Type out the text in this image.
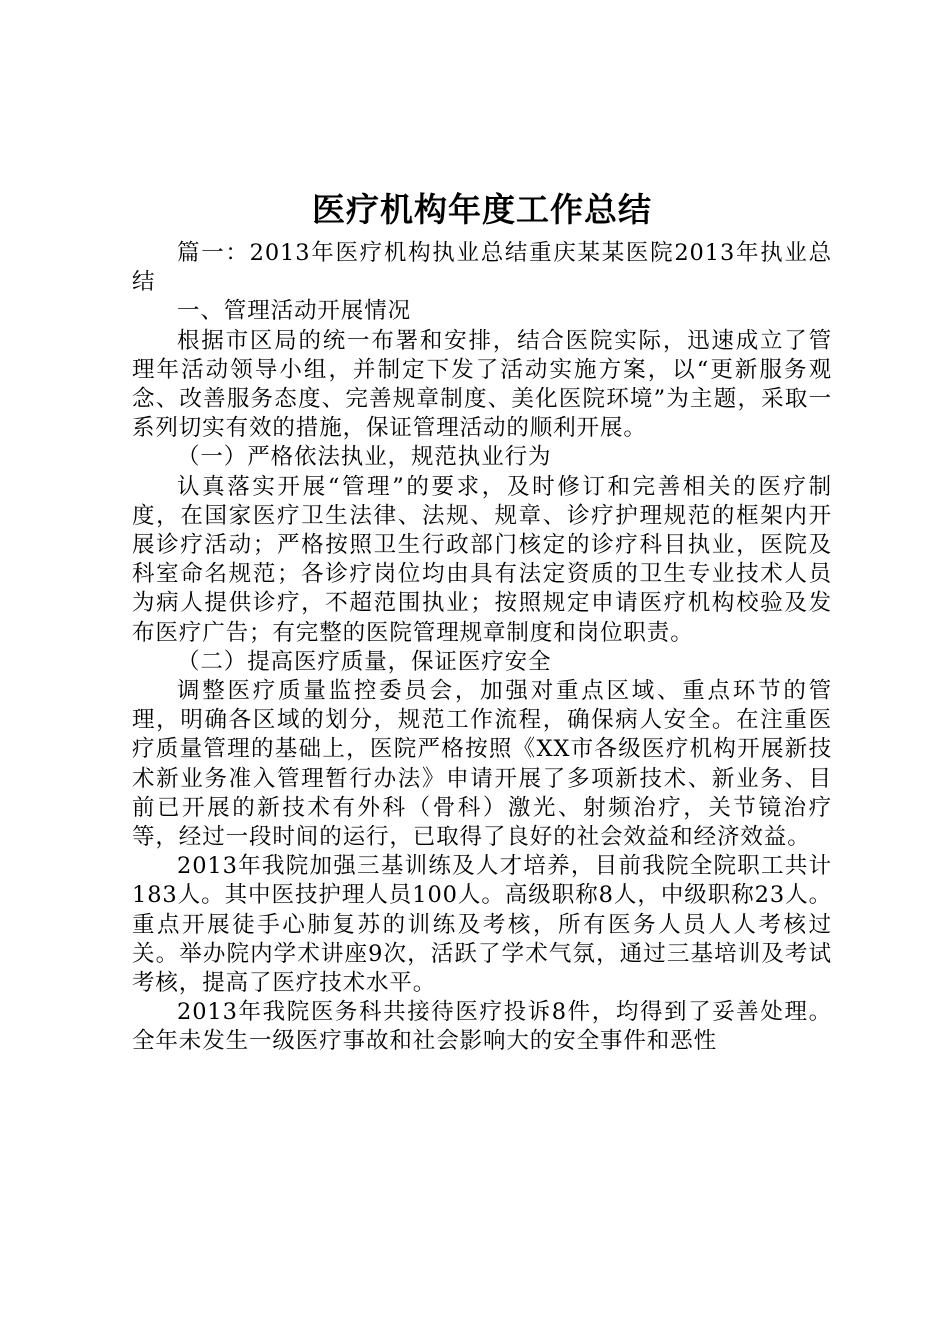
医疗机构年度工作总结

篇一：2013年医疗机构执业总结重庆某某医院2013年执业总结

一、管理活动开展情况

根据市区局的统一布署和安排，结合医院实际，迅速成立了管理年活动领导小组，并制定下发了活动实施方案，以“更新服务观念、改善服务态度、完善规章制度、美化医院环境”为主题，采取一系列切实有效的措施，保证管理活动的顺利开展。

（一）严格依法执业，规范执业行为

认真落实开展“管理”的要求，及时修订和完善相关的医疗制度，在国家医疗卫生法律、法规、规章、诊疗护理规范的框架内开展诊疗活动；严格按照卫生行政部门核定的诊疗科目执业，医院及科室命名规范；各诊疗岗位均由具有法定资质的卫生专业技术人员为病人提供诊疗，不超范围执业；按照规定申请医疗机构校验及发布医疗广告；有完整的医院管理规章制度和岗位职责。

（二）提高医疗质量，保证医疗安全

调整医疗质量监控委员会，加强对重点区域、重点环节的管理，明确各区域的划分，规范工作流程，确保病人安全。在注重医疗质量管理的基础上，医院严格按照《XX市各级医疗机构开展新技术新业务准入管理暂行办法》申请开展了多项新技术、新业务、目前已开展的新技术有外科（骨科）激光、射频治疗，关节镜治疗等，经过一段时间的运行，已取得了良好的社会效益和经济效益。

2013年我院加强三基训练及人才培养，目前我院全院职工共计183人。其中医技护理人员100人。高级职称8人，中级职称23人。重点开展徒手心肺复苏的训练及考核，所有医务人员人人考核过关。举办院内学术讲座9次，活跃了学术气氛，通过三基培训及考试考核，提高了医疗技术水平。

2013年我院医务科共接待医疗投诉8件，均得到了妥善处理。全年未发生一级医疗事故和社会影响大的安全事件和恶性
